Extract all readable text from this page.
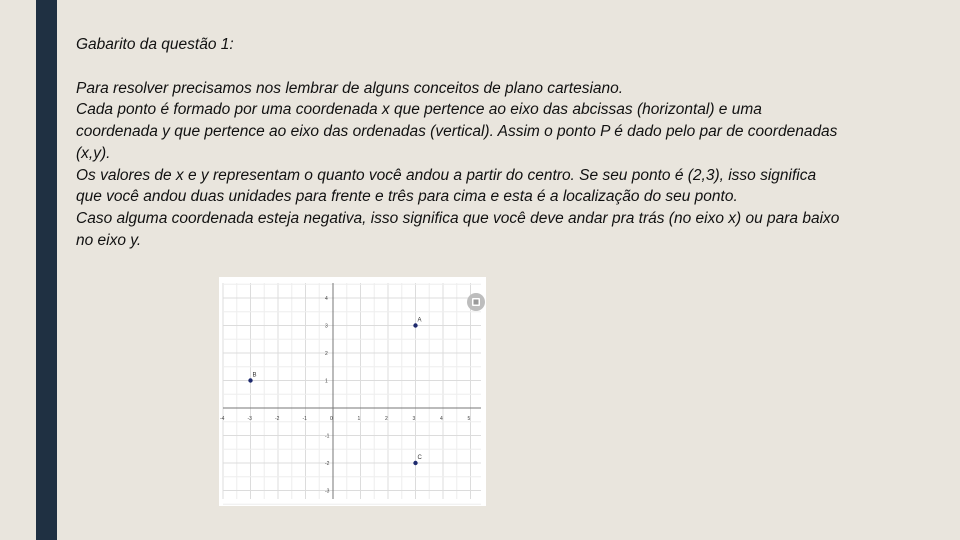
Gabarito da questão 1:

Para resolver precisamos nos lembrar de alguns conceitos de plano cartesiano.

Cada ponto é formado por uma coordenada x que pertence ao eixo das abcissas (horizontal) e uma coordenada y que pertence ao eixo das ordenadas (vertical). Assim o ponto P é dado pelo par de coordenadas (x,y).

Os valores de x e y representam o quanto você andou a partir do centro. Se seu ponto é (2,3), isso significa que você andou duas unidades para frente e três para cima e esta é a localização do seu ponto.

Caso alguma coordenada esteja negativa, isso significa que você deve andar pra trás (no eixo x) ou para baixo no eixo y.

-4	-3	-2	-1	0	1	2	3	4	5
4
3
2
1
-1
-2
-3
A
B
C
